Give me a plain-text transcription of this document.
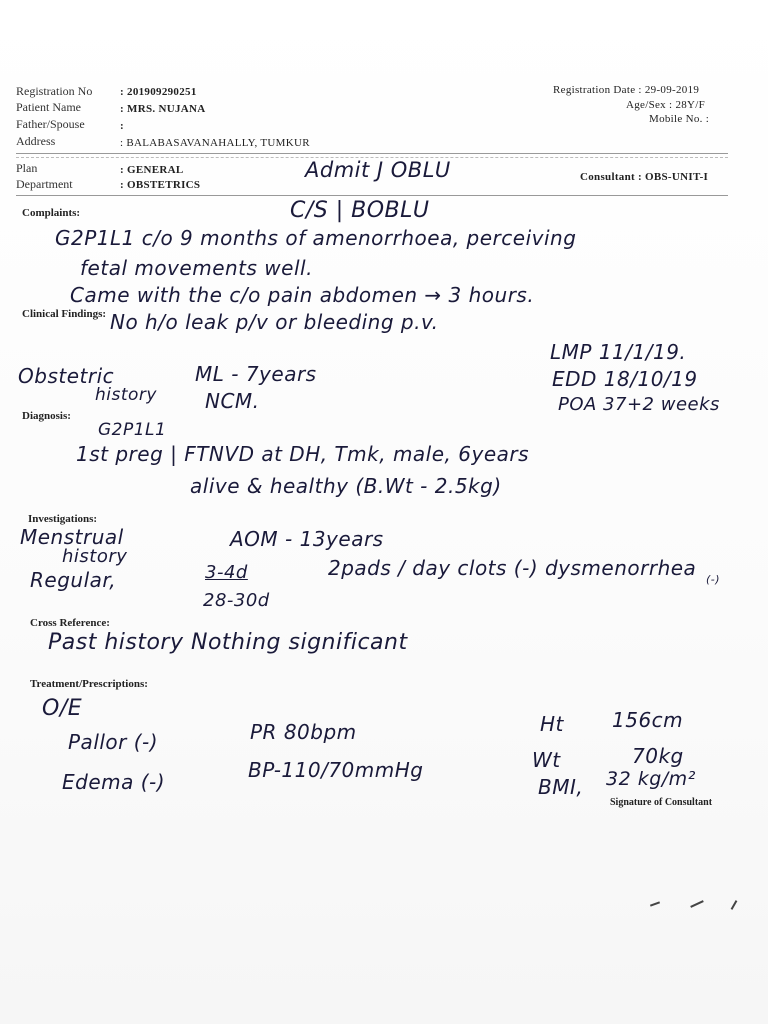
Registration No	: 201909290251
Patient Name	: MRS. NUJANA
Father/Spouse	:
Address	: BALABASAVANAHALLY, TUMKUR
Registration Date : 29-09-2019
Age/Sex : 28Y/F
Mobile No. :
Plan	: GENERAL
Department	: OBSTETRICS
Admit J OBLU	Consultant : OBS-UNIT-I
Complaints:	C/S | BOBLU
G2P1L1 c/o 9 months of amenorrhoea, perceiving
fetal movements well.
Came with the c/o pain abdomen → 3 hours.
Clinical Findings: No h/o leak p/v or bleeding p.v.
LMP 11/1/19.
Obstetric
history
ML - 7years
NCM.
EDD 18/10/19
POA 37+2 weeks
Diagnosis:
G2P1L1
1st preg | FTNVD at DH, Tmk, male, 6years
alive & healthy (B.Wt - 2.5kg)
Investigations:
Menstrual
history
AOM - 13years
Regular,	3-4d
28-30d
2pads / day clots (-) dysmenorrhea (-)
Cross Reference:
Past history Nothing significant
Treatment/Prescriptions:
O/E
Pallor (-)
Edema (-)
PR 80bpm
BP-110/70mmHg
Ht 156cm
Wt	70kg
BMI, 32 kg/m²
Signature of Consultant
